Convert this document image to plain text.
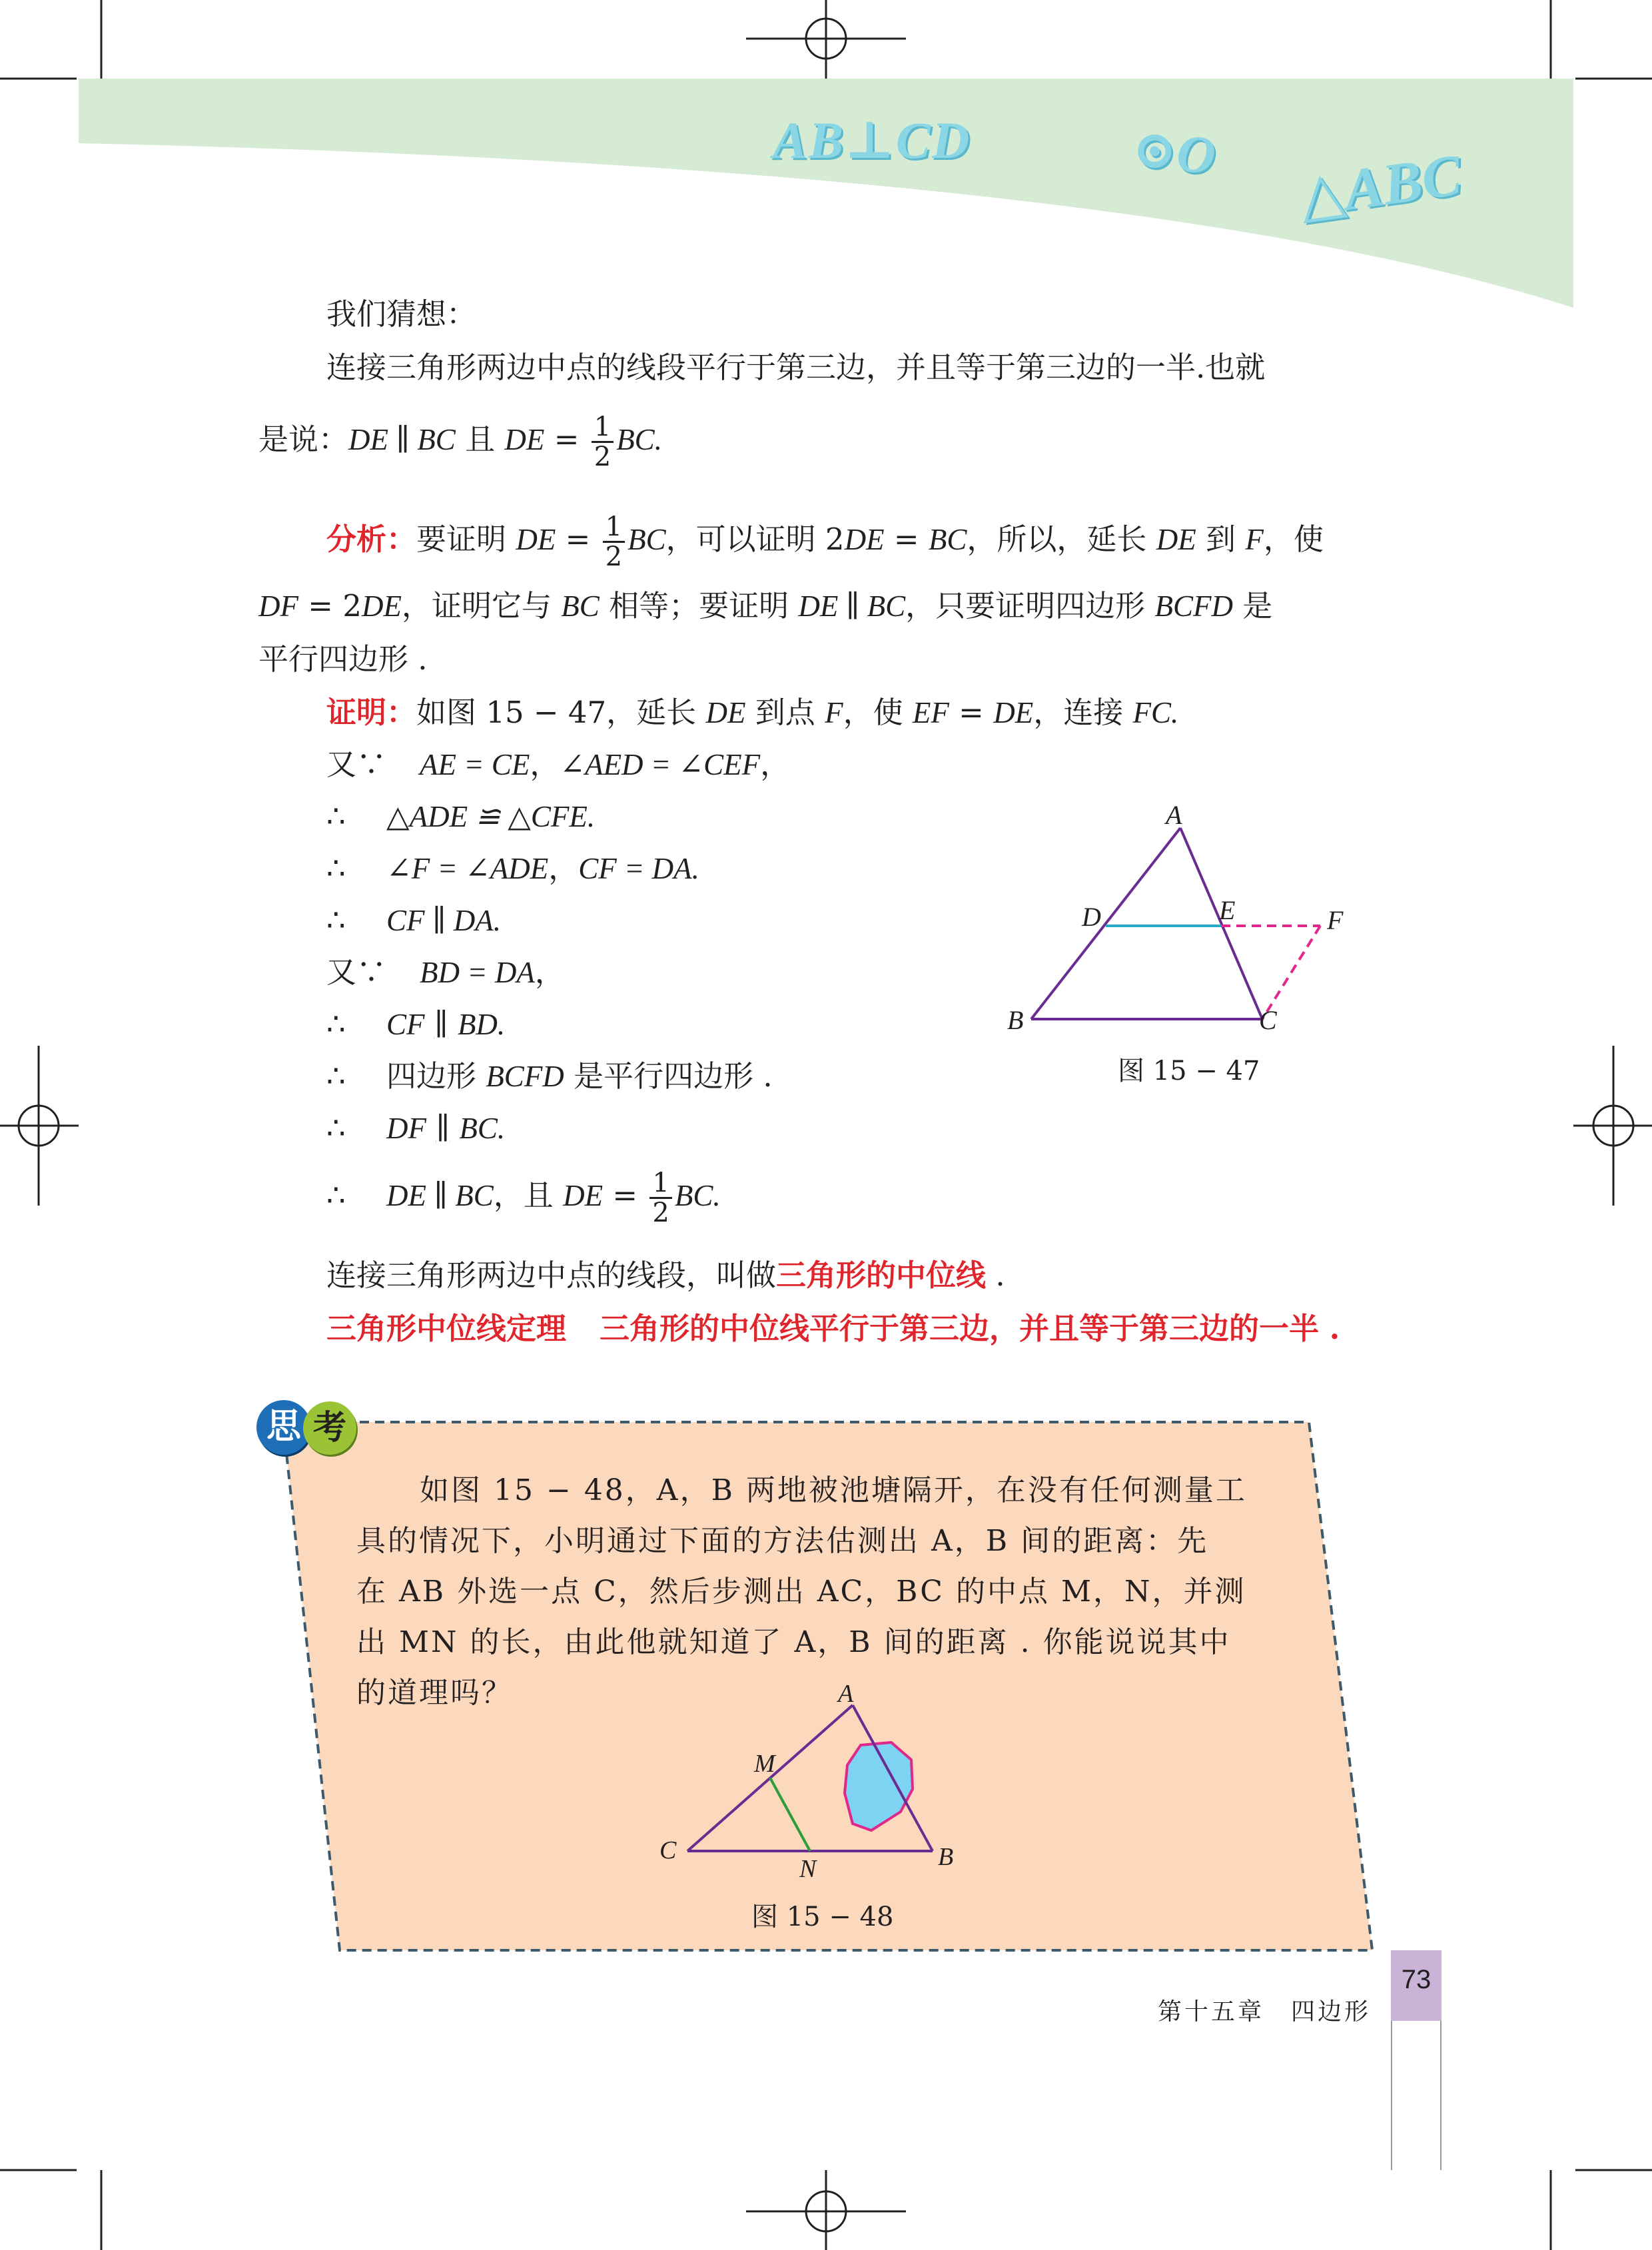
AB⊥CD	⊙O △ABC
我们猜想：
连接三角形两边中点的线段平行于第三边，并且等于第三边的一半.也就
是说：DE ∥ BC 且 DE = $\frac{1}{2}$ BC.
分析：要证明 DE = $\frac{1}{2}$ BC，可以证明 2DE = BC，所以，延长 DE 到 F，使
DF = 2DE，证明它与 BC 相等；要证明 DE ∥ BC，只要证明四边形 BCFD 是
平行四边形 .
证明：如图 15 − 47，延长 DE 到点 F，使 EF = DE，连接 FC.
又∵ AE = CE，∠AED = ∠CEF，
∴ △ADE ≌ △CFE.
∴ ∠F = ∠ADE，CF = DA.
∴ CF ∥ DA.
又∵ BD = DA，
∴ CF ∥ BD.
∴ 四边形 BCFD 是平行四边形 .
∴ DF ∥ BC.
∴ DE ∥ BC，且 DE = $\frac{1}{2}$ BC.
连接三角形两边中点的线段，叫做三角形的中位线 .
三角形中位线定理 三角形的中位线平行于第三边，并且等于第三边的一半 .
A
B	C
D	E	F
图 15 − 47
思 考
如图 15 − 48，A，B 两地被池塘隔开，在没有任何测量工
具的情况下，小明通过下面的方法估测出 A，B 间的距离：先
在 AB 外选一点 C，然后步测出 AC，BC 的中点 M，N，并测
出 MN 的长，由此他就知道了 A，B 间的距离 . 你能说说其中
的道理吗？	A
M
C
N	B
图 15 − 48
73
第十五章　四边形
